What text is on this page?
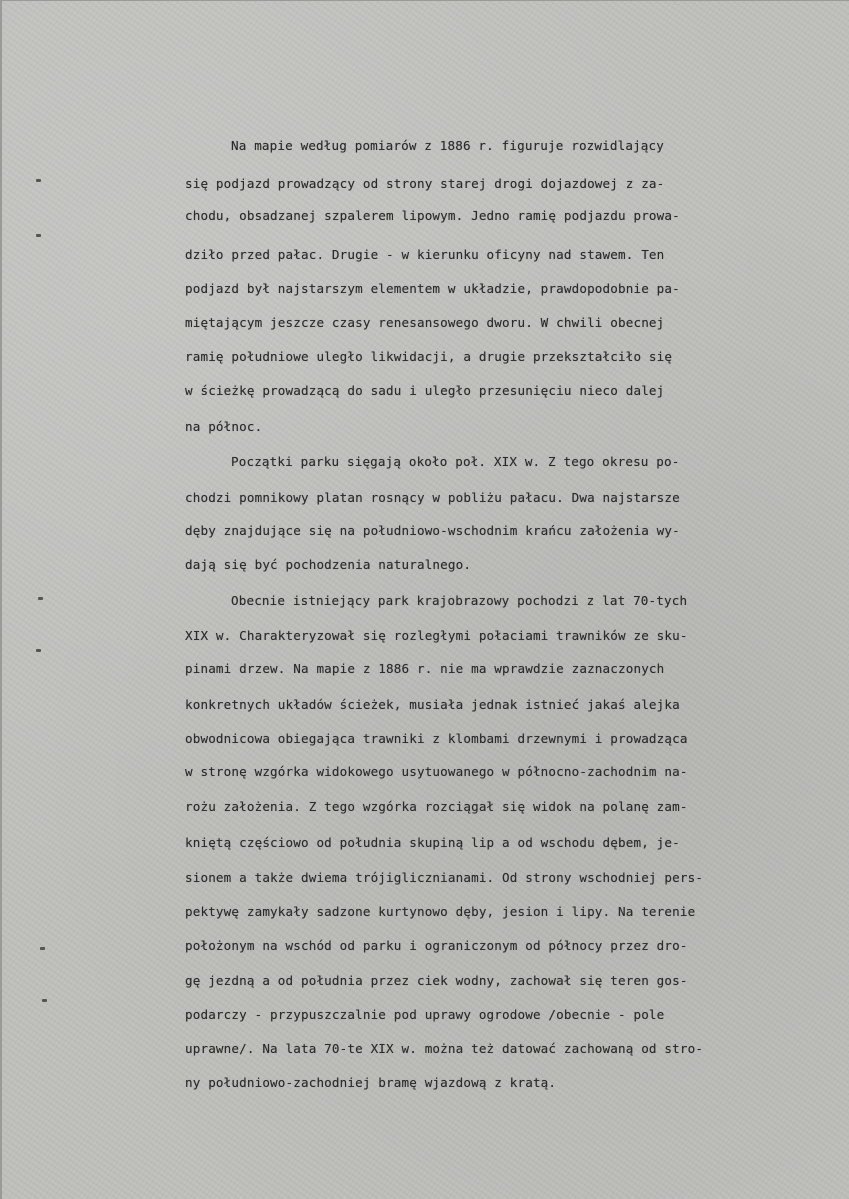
Na mapie według pomiarów z 1886 r. figuruje rozwidlający
się podjazd prowadzący od strony starej drogi dojazdowej z za-
chodu, obsadzanej szpalerem lipowym. Jedno ramię podjazdu prowa-
dziło przed pałac. Drugie - w kierunku oficyny nad stawem. Ten
podjazd był najstarszym elementem w układzie, prawdopodobnie pa-
miętającym jeszcze czasy renesansowego dworu. W chwili obecnej
ramię południowe uległo likwidacji, a drugie przekształciło się
w ścieżkę prowadzącą do sadu i uległo przesunięciu nieco dalej
na północ.
Początki parku sięgają około poł. XIX w. Z tego okresu po-
chodzi pomnikowy platan rosnący w pobliżu pałacu. Dwa najstarsze
dęby znajdujące się na południowo-wschodnim krańcu założenia wy-
dają się być pochodzenia naturalnego.
Obecnie istniejący park krajobrazowy pochodzi z lat 70-tych
XIX w. Charakteryzował się rozległymi połaciami trawników ze sku-
pinami drzew. Na mapie z 1886 r. nie ma wprawdzie zaznaczonych
konkretnych układów ścieżek, musiała jednak istnieć jakaś alejka
obwodnicowa obiegająca trawniki z klombami drzewnymi i prowadząca
w stronę wzgórka widokowego usytuowanego w północno-zachodnim na-
rożu założenia. Z tego wzgórka rozciągał się widok na polanę zam-
kniętą częściowo od południa skupiną lip a od wschodu dębem, je-
sionem a także dwiema trójiglicznianami. Od strony wschodniej pers-
pektywę zamykały sadzone kurtynowo dęby, jesion i lipy. Na terenie
położonym na wschód od parku i ograniczonym od północy przez dro-
gę jezdną a od południa przez ciek wodny, zachował się teren gos-
podarczy - przypuszczalnie pod uprawy ogrodowe /obecnie - pole
uprawne/. Na lata 70-te XIX w. można też datować zachowaną od stro-
ny południowo-zachodniej bramę wjazdową z kratą.
